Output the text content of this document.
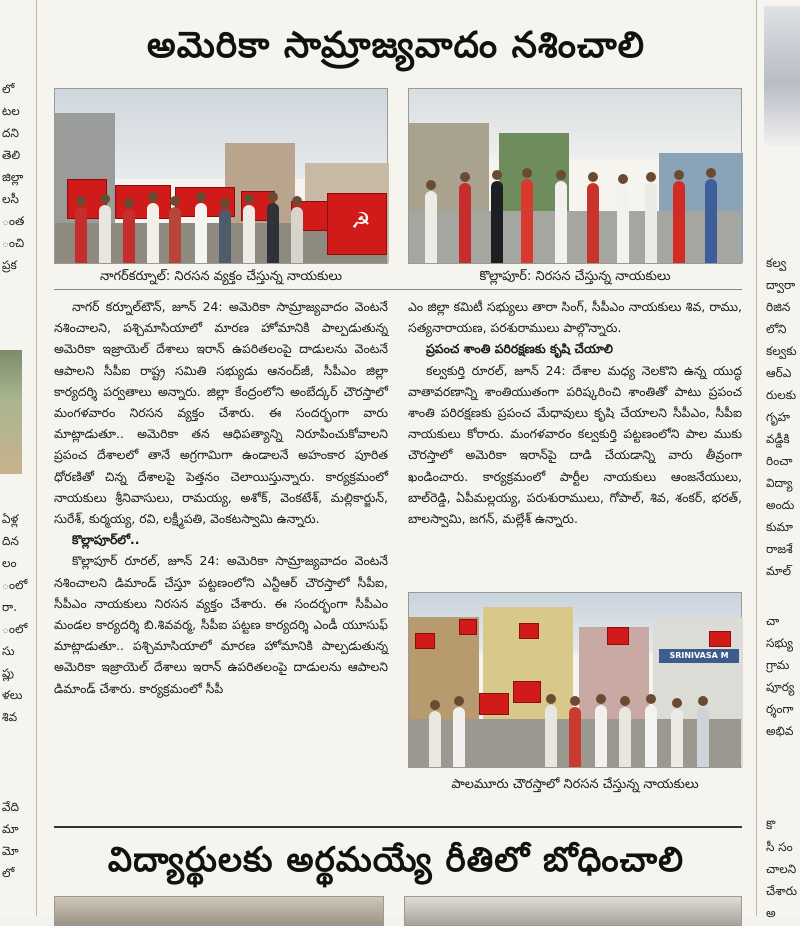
లో
టల
దని
తెలి
జిల్లా
లసీ
ంత
ంచి
ప్రక
ఏళ్ల
దిన
లం
ంలో
రా.
ంలో
సు
ప్లు
ళలు
శివ
వేది
మా
మో
లో
కల్వ
ద్వారా
రిజిన
లోని
కల్వకు
ఆర్‌ఎ
రులకు
గృహ
వడ్డీకి
రించా
విద్యా
అందు
కుమా
రాజశే
మాల్‌
చా
సభ్యు
గ్రామ
పూర్య
ర్శంగా
అభివ
కొ
సీ సం
చాలని
చేశారు
అ
అమెరికా సామ్రాజ్యవాదం నశించాలి
☭
నాగర్‌కర్నూల్‌: నిరసన వ్యక్తం చేస్తున్న నాయకులు	కొల్లాపూర్‌: నిరసన చేస్తున్న నాయకులు

నాగర్‌ కర్నూల్‌టౌన్‌, జూన్‌ 24: అమెరికా సామ్రాజ్యవాదం వెంటనే నశించాలని, పశ్చిమాసియాలో మారణ హోమానికి పాల్పడుతున్న అమెరికా ఇజ్రాయెల్‌ దేశాలు ఇరాన్‌ ఉపరితలంపై దాడులను వెంటనే ఆపాలని సీపీఐ రాష్ట్ర సమితి సభ్యుడు ఆనంద్‌జీ, సీపీఎం జిల్లా కార్యదర్శి పర్వతాలు అన్నారు. జిల్లా కేంద్రంలోని అంబేద్కర్‌ చౌరస్తాలో మంగళవారం నిరసన వ్యక్తం చేశారు. ఈ సందర్భంగా వారు మాట్లాడుతూ.. అమెరికా తన ఆధిపత్యాన్ని నిరూపించుకోవాలని ప్రపంచ దేశాలలో తానే అగ్రగామిగా ఉండాలనే అహంకార పూరిత ధోరణితో చిన్న దేశాలపై పెత్తనం చెలాయిస్తున్నారు. కార్యక్రమంలో నాయకులు శ్రీనివాసులు, రామయ్య, అశోక్‌, వెంకటేశ్‌, మల్లికార్జున్‌, సురేశ్‌, కుర్మయ్య, రవి, లక్ష్మీపతి, వెంకటస్వామి ఉన్నారు.

కొల్లాపూర్‌లో..

కొల్లాపూర్‌ రూరల్‌, జూన్‌ 24: అమెరికా సామ్రాజ్యవాదం వెంటనే నశించాలని డిమాండ్‌ చేస్తూ పట్టణంలోని ఎన్టీఆర్‌ చౌరస్తాలో సీపీఐ, సీపీఎం నాయకులు నిరసన వ్యక్తం చేశారు. ఈ సందర్భంగా సీపీఎం మండల కార్యదర్శి బి.శివవర్మ, సీపీఐ పట్టణ కార్యదర్శి ఎండీ యూసుఫ్‌ మాట్లాడుతూ.. పశ్చిమాసియాలో మారణ హోమానికి పాల్పడుతున్న అమెరికా ఇజ్రాయెల్‌ దేశాలు ఇరాన్‌ ఉపరితలంపై దాడులను ఆపాలని డిమాండ్‌ చేశారు. కార్యక్రమంలో సీపీ

ఎం జిల్లా కమిటీ సభ్యులు తారా సింగ్‌, సీపీఎం నాయకులు శివ, రాము, సత్యనారాయణ, పరశురాములు పాల్గొన్నారు.

ప్రపంచ శాంతి పరిరక్షణకు కృషి చేయాలి

కల్వకుర్తి రూరల్‌, జూన్‌ 24: దేశాల మధ్య నెలకొని ఉన్న యుద్ధ వాతావరణాన్ని శాంతియుతంగా పరిష్కరించి శాంతితో పాటు ప్రపంచ శాంతి పరిరక్షణకు ప్రపంచ మేధావులు కృషి చేయాలని సీపీఎం, సీపీఐ నాయకులు కోరారు. మంగళవారం కల్వకుర్తి పట్టణంలోని పాల ముకు చౌరస్తాలో అమెరికా ఇరాన్‌పై దాడి చేయడాన్ని వారు తీవ్రంగా ఖండించారు. కార్యక్రమంలో పార్టీల నాయకులు ఆంజనేయులు, బాల్‌రెడ్డి, ఏపీమల్లయ్య, పరుశురాములు, గోపాల్‌, శివ, శంకర్‌, భరత్‌, బాలస్వామి, జగన్‌, మల్లేశ్‌ ఉన్నారు.

SRINIVASA M
పాలమూరు చౌరస్తాలో నిరసన చేస్తున్న నాయకులు
విద్యార్థులకు అర్థమయ్యే రీతిలో బోధించాలి
